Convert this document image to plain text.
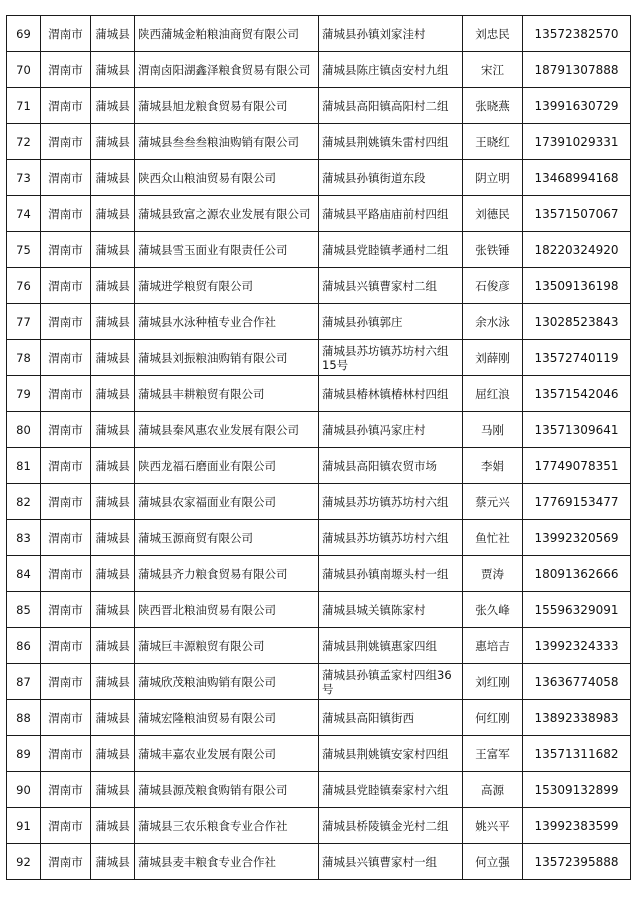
69	渭南市	蒲城县	陕西蒲城金粕粮油商贸有限公司	蒲城县孙镇刘家洼村	刘忠民	13572382570
70	渭南市	蒲城县	渭南卤阳湖鑫泽粮食贸易有限公司	蒲城县陈庄镇卤安村九组	宋江	18791307888
71	渭南市	蒲城县	蒲城县旭龙粮食贸易有限公司	蒲城县高阳镇高阳村二组	张晓燕	13991630729
72	渭南市	蒲城县	蒲城县叁叁叁粮油购销有限公司	蒲城县荆姚镇朱雷村四组	王晓红	17391029331
73	渭南市	蒲城县	陕西众山粮油贸易有限公司	蒲城县孙镇街道东段	阴立明	13468994168
74	渭南市	蒲城县	蒲城县致富之源农业发展有限公司	蒲城县平路庙庙前村四组	刘德民	13571507067
75	渭南市	蒲城县	蒲城县雪玉面业有限责任公司	蒲城县党睦镇孝通村二组	张铁锤	18220324920
76	渭南市	蒲城县	蒲城进学粮贸有限公司	蒲城县兴镇曹家村二组	石俊彦	13509136198
77	渭南市	蒲城县	蒲城县水泳种植专业合作社	蒲城县孙镇郭庄	余水泳	13028523843
78	渭南市	蒲城县	蒲城县刘振粮油购销有限公司	蒲城县苏坊镇苏坊村六组15号	刘薛刚	13572740119
79	渭南市	蒲城县	蒲城县丰耕粮贸有限公司	蒲城县椿林镇椿林村四组	屈红浪	13571542046
80	渭南市	蒲城县	蒲城县秦风惠农业发展有限公司	蒲城县孙镇冯家庄村	马刚	13571309641
81	渭南市	蒲城县	陕西龙福石磨面业有限公司	蒲城县高阳镇农贸市场	李娟	17749078351
82	渭南市	蒲城县	蒲城县农家福面业有限公司	蒲城县苏坊镇苏坊村六组	蔡元兴	17769153477
83	渭南市	蒲城县	蒲城玉源商贸有限公司	蒲城县苏坊镇苏坊村六组	鱼忙社	13992320569
84	渭南市	蒲城县	蒲城县齐力粮食贸易有限公司	蒲城县孙镇南塬头村一组	贾涛	18091362666
85	渭南市	蒲城县	陕西晋北粮油贸易有限公司	蒲城县城关镇陈家村	张久峰	15596329091
86	渭南市	蒲城县	蒲城巨丰源粮贸有限公司	蒲城县荆姚镇惠家四组	惠培吉	13992324333
87	渭南市	蒲城县	蒲城欣茂粮油购销有限公司	蒲城县孙镇孟家村四组36号	刘红刚	13636774058
88	渭南市	蒲城县	蒲城宏隆粮油贸易有限公司	蒲城县高阳镇街西	何红刚	13892338983
89	渭南市	蒲城县	蒲城丰嘉农业发展有限公司	蒲城县荆姚镇安家村四组	王富军	13571311682
90	渭南市	蒲城县	蒲城县源茂粮食购销有限公司	蒲城县党睦镇秦家村六组	高源	15309132899
91	渭南市	蒲城县	蒲城县三农乐粮食专业合作社	蒲城县桥陵镇金光村二组	姚兴平	13992383599
92	渭南市	蒲城县	蒲城县麦丰粮食专业合作社	蒲城县兴镇曹家村一组	何立强	13572395888
